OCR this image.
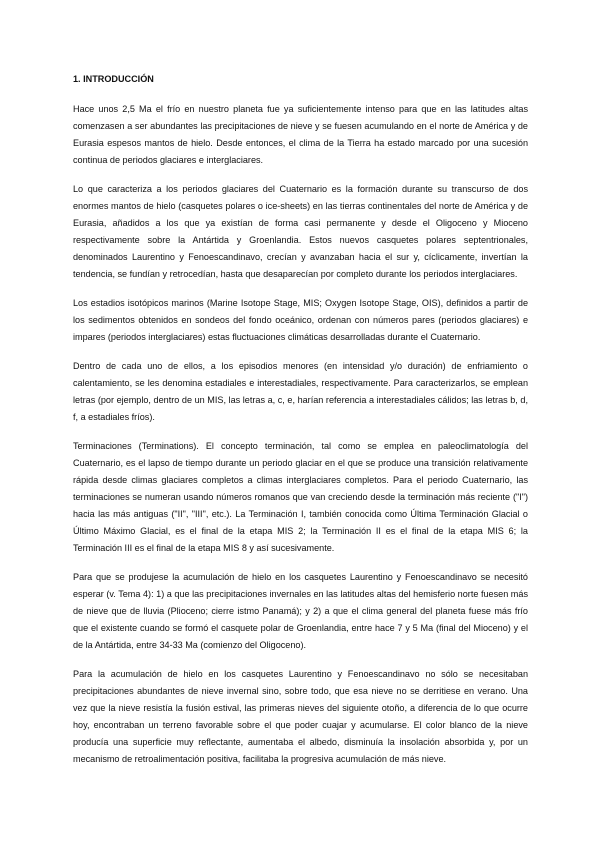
1. INTRODUCCIÓN

Hace unos 2,5 Ma el frío en nuestro planeta fue ya suficientemente intenso para que en las latitudes altas comenzasen a ser abundantes las precipitaciones de nieve y se fuesen acumulando en el norte de América y de Eurasia espesos mantos de hielo. Desde entonces, el clima de la Tierra ha estado marcado por una sucesión continua de periodos glaciares e interglaciares.

Lo que caracteriza a los periodos glaciares del Cuaternario es la formación durante su transcurso de dos enormes mantos de hielo (casquetes polares o ice-sheets) en las tierras continentales del norte de América y de Eurasia, añadidos a los que ya existían de forma casi permanente y desde el Oligoceno y Mioceno respectivamente sobre la Antártida y Groenlandia. Estos nuevos casquetes polares septentrionales, denominados Laurentino y Fenoescandinavo, crecían y avanzaban hacia el sur y, cíclicamente, invertían la tendencia, se fundían y retrocedían, hasta que desaparecían por completo durante los periodos interglaciares.

Los estadios isotópicos marinos (Marine Isotope Stage, MIS; Oxygen Isotope Stage, OIS), definidos a partir de los sedimentos obtenidos en sondeos del fondo oceánico, ordenan con números pares (periodos glaciares) e impares (periodos interglaciares) estas fluctuaciones climáticas desarrolladas durante el Cuaternario.

Dentro de cada uno de ellos, a los episodios menores (en intensidad y/o duración) de enfriamiento o calentamiento, se les denomina estadiales e interestadiales, respectivamente. Para caracterizarlos, se emplean letras (por ejemplo, dentro de un MIS, las letras a, c, e, harían referencia a interestadiales cálidos; las letras b, d, f, a estadiales fríos).

Terminaciones (Terminations). El concepto terminación, tal como se emplea en paleoclimatología del Cuaternario, es el lapso de tiempo durante un periodo glaciar en el que se produce una transición relativamente rápida desde climas glaciares completos a climas interglaciares completos. Para el periodo Cuaternario, las terminaciones se numeran usando números romanos que van creciendo desde la terminación más reciente ("I") hacia las más antiguas ("II", "III", etc.). La Terminación I, también conocida como Última Terminación Glacial o Último Máximo Glacial, es el final de la etapa MIS 2; la Terminación II es el final de la etapa MIS 6; la Terminación III es el final de la etapa MIS 8 y así sucesivamente.

Para que se produjese la acumulación de hielo en los casquetes Laurentino y Fenoescandinavo se necesitó esperar (v. Tema 4): 1) a que las precipitaciones invernales en las latitudes altas del hemisferio norte fuesen más de nieve que de lluvia (Plioceno; cierre istmo Panamá); y 2) a que el clima general del planeta fuese más frío que el existente cuando se formó el casquete polar de Groenlandia, entre hace 7 y 5 Ma (final del Mioceno) y el de la Antártida, entre 34-33 Ma (comienzo del Oligoceno).

Para la acumulación de hielo en los casquetes Laurentino y Fenoescandinavo no sólo se necesitaban precipitaciones abundantes de nieve invernal sino, sobre todo, que esa nieve no se derritiese en verano. Una vez que la nieve resistía la fusión estival, las primeras nieves del siguiente otoño, a diferencia de lo que ocurre hoy, encontraban un terreno favorable sobre el que poder cuajar y acumularse. El color blanco de la nieve producía una superficie muy reflectante, aumentaba el albedo, disminuía la insolación absorbida y, por un mecanismo de retroalimentación positiva, facilitaba la progresiva acumulación de más nieve.
